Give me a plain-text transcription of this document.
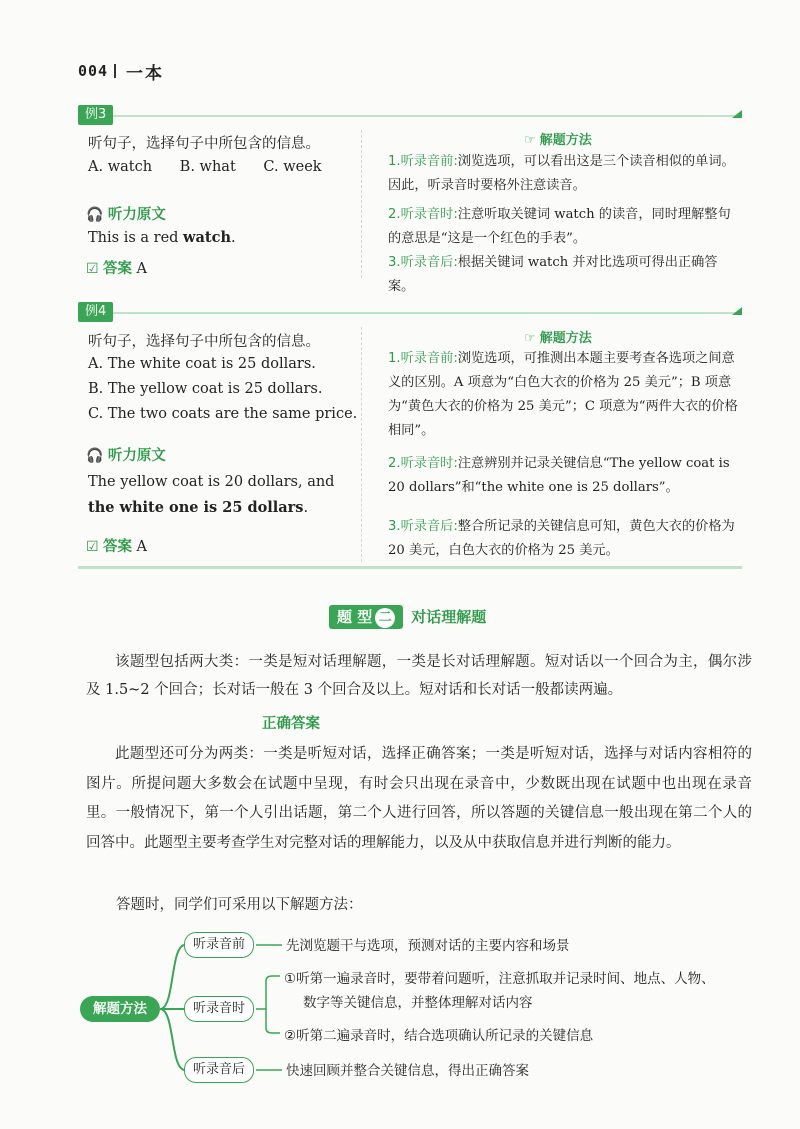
004 一本
例3
听句子，选择句子中所包含的信息。
A. watch      B. what      C. week
🎧 听力原文
This is a red watch.
☑ 答案 A
☞ 解题方法
1.听录音前:浏览选项，可以看出这是三个读音相似的单词。因此，听录音时要格外注意读音。
2.听录音时:注意听取关键词 watch 的读音，同时理解整句的意思是“这是一个红色的手表”。
3.听录音后:根据关键词 watch 并对比选项可得出正确答案。
例4
听句子，选择句子中所包含的信息。
A. The white coat is 25 dollars.
B. The yellow coat is 25 dollars.
C. The two coats are the same price.
🎧 听力原文
The yellow coat is 20 dollars, and the white one is 25 dollars.
☑ 答案 A
☞ 解题方法
1.听录音前:浏览选项，可推测出本题主要考查各选项之间意义的区别。A 项意为“白色大衣的价格为 25 美元”；B 项意为“黄色大衣的价格为 25 美元”；C 项意为“两件大衣的价格相同”。
2.听录音时:注意辨别并记录关键信息“The yellow coat is 20 dollars”和“the white one is 25 dollars”。
3.听录音后:整合所记录的关键信息可知，黄色大衣的价格为 20 美元，白色大衣的价格为 25 美元。
题 型 二 对话理解题
该题型包括两大类：一类是短对话理解题，一类是长对话理解题。短对话以一个回合为主，偶尔涉及 1.5~2 个回合；长对话一般在 3 个回合及以上。短对话和长对话一般都读两遍。
正确答案
此题型还可分为两类：一类是听短对话，选择正确答案；一类是听短对话，选择与对话内容相符的图片。所提问题大多数会在试题中呈现，有时会只出现在录音中，少数既出现在试题中也出现在录音里。一般情况下，第一个人引出话题，第二个人进行回答，所以答题的关键信息一般出现在第二个人的回答中。此题型主要考查学生对完整对话的理解能力，以及从中获取信息并进行判断的能力。
答题时，同学们可采用以下解题方法：
解题方法
听录音前	先浏览题干与选项，预测对话的主要内容和场景
听录音时
①听第一遍录音时，要带着问题听，注意抓取并记录时间、地点、人物、
数字等关键信息，并整体理解对话内容
②听第二遍录音时，结合选项确认所记录的关键信息
听录音后	快速回顾并整合关键信息，得出正确答案
